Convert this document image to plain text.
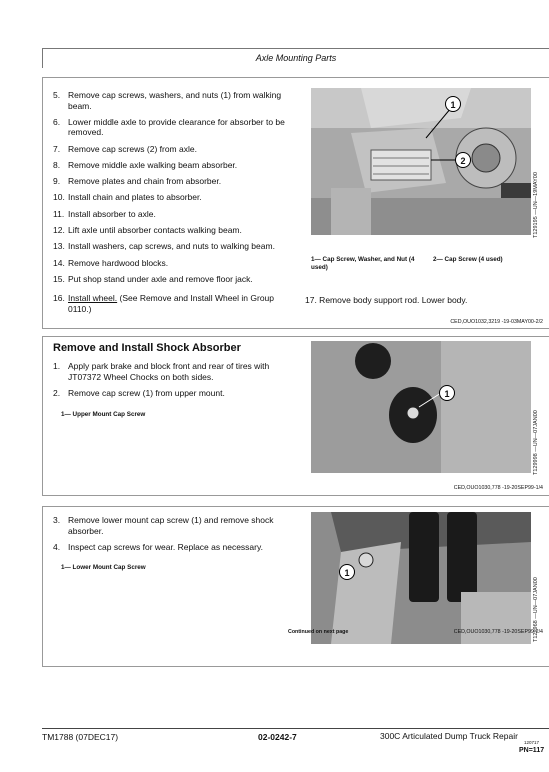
Axle Mounting Parts
5. Remove cap screws, washers, and nuts (1) from walking beam.
6. Lower middle axle to provide clearance for absorber to be removed.
7. Remove cap screws (2) from axle.
8. Remove middle axle walking beam absorber.
9. Remove plates and chain from absorber.
10. Install chain and plates to absorber.
11. Install absorber to axle.
12. Lift axle until absorber contacts walking beam.
13. Install washers, cap screws, and nuts to walking beam.
14. Remove hardwood blocks.
15. Put shop stand under axle and remove floor jack.
16. Install wheel. (See Remove and Install Wheel in Group 0110.)
1
2
T129195 —UN—19MAY00
1— Cap Screw, Washer, and Nut (4 used)
2— Cap Screw (4 used)
17. Remove body support rod. Lower body.
CED,OUO1032,3219 -19-03MAY00-2/2
Remove and Install Shock Absorber
1. Apply park brake and block front and rear of tires with JT07372 Wheel Chocks on both sides.
2. Remove cap screw (1) from upper mount.
1— Upper Mount Cap Screw
1
T129998 —UN—07JAN00
CED,OUO1030,778 -19-20SEP99-1/4
3. Remove lower mount cap screw (1) and remove shock absorber.
4. Inspect cap screws for wear. Replace as necessary.
1— Lower Mount Cap Screw
1
T129968 —UN—07JAN00
Continued on next page	CED,OUO1030,778 -19-20SEP99-2/4
TM1788 (07DEC17)	02-0242-7	300C Articulated Dump Truck Repair
120717
PN=117
